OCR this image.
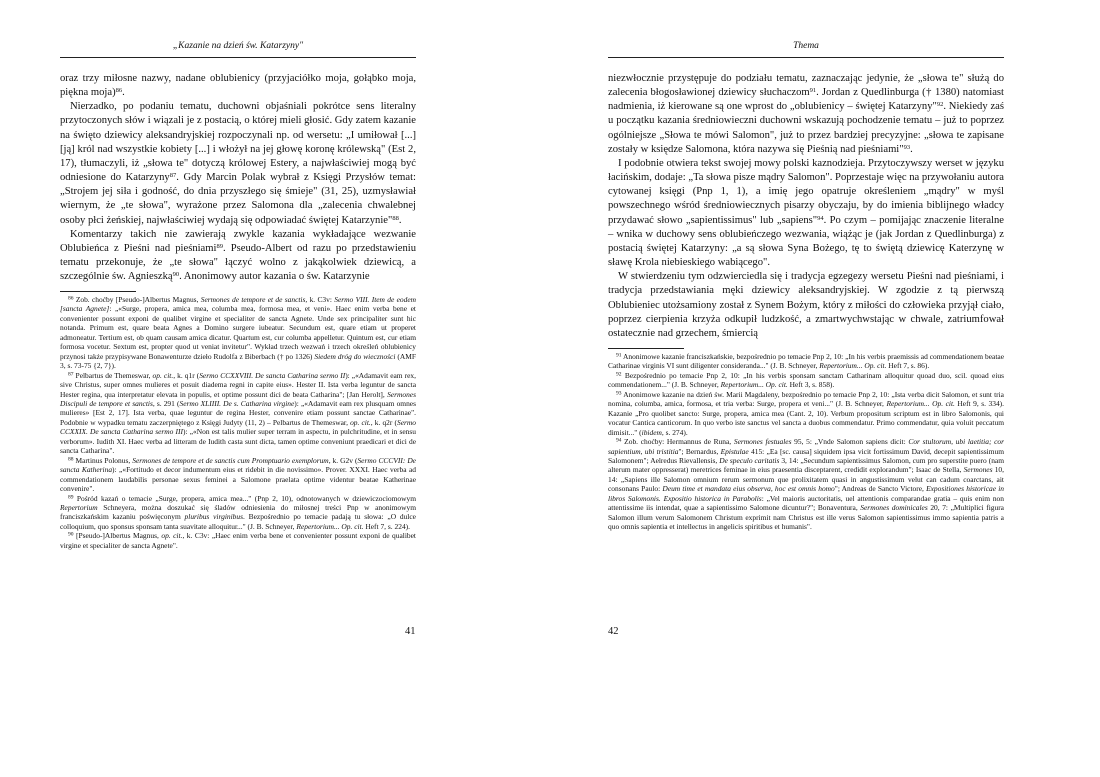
„Kazanie na dzień św. Katarzyny"

oraz trzy miłosne nazwy, nadane oblubienicy (przyjaciółko moja, gołąbko moja, piękna moja)$^{86}$.

Nierzadko, po podaniu tematu, duchowni objaśniali pokrótce sens literalny przytoczonych słów i wiązali je z postacią, o której mieli głosić. Gdy zatem kazanie na święto dziewicy aleksandryjskiej rozpoczynali np. od wersetu: „I umiłował [...] [ją] król nad wszystkie kobiety [...] i włożył na jej głowę koronę królewską" (Est 2, 17), tłumaczyli, iż „słowa te" dotyczą królowej Estery, a najwłaściwiej mogą być odniesione do Katarzyny$^{87}$. Gdy Marcin Polak wybrał z Księgi Przysłów temat: „Strojem jej siła i godność, do dnia przyszłego się śmieje" (31, 25), uzmysławiał wiernym, że „te słowa", wyrażone przez Salomona dla „zalecenia chwalebnej osoby płci żeńskiej, najwłaściwiej wydają się odpowiadać świętej Katarzynie"$^{88}$.

Komentarzy takich nie zawierają zwykle kazania wykładające wezwanie Oblubieńca z Pieśni nad pieśniami$^{89}$. Pseudo-Albert od razu po przedstawieniu tematu przekonuje, że „te słowa" łączyć wolno z jakąkolwiek dziewicą, a szczególnie św. Agnieszką$^{90}$. Anonimowy autor kazania o św. Katarzynie

$^{86}$ Zob. choćby [Pseudo-]Albertus Magnus, Sermones de tempore et de sanctis, k. C3v: Sermo VIII. Item de eodem [sancta Agnete]: „«Surge, propera, amica mea, columba mea, formosa mea, et veni». Haec enim verba bene et convenienter possunt exponi de qualibet virgine et specialiter de sancta Agnete. Unde sex principaliter sunt hic notanda. Primum est, quare beata Agnes a Domino surgere iubeatur. Secundum est, quare etiam ut properet admoneatur. Tertium est, ob quam causam amica dicatur. Quartum est, cur columba appelletur. Quintum est, cur etiam formosa vocetur. Sextum est, propter quod ut veniat invitetur". Wykład trzech wezwań i trzech określeń oblubienicy przynosi także przypisywane Bonawenturze dzieło Rudolfa z Biberbach († po 1326) Siedem dróg do wieczności (AMF 3, s. 73-75 {2, 7}).

$^{87}$ Pelbartus de Themeswar, op. cit., k. q1r (Sermo CCXXVIII. De sancta Catharina sermo II): „«Adamavit eam rex, sive Christus, super omnes mulieres et posuit diadema regni in capite eius». Hester II. Ista verba leguntur de sancta Hester regina, qua interpretatur elevata in populis, et optime possunt dici de beata Catharina"; [Jan Herolt], Sermones Discipuli de tempore et sanctis, s. 291 (Sermo XLIIII. De s. Catharina virgine): „«Adamavit eam rex plusquam omnes mulieres» [Est 2, 17]. Ista verba, quae leguntur de regina Hester, convenire etiam possunt sanctae Catharinae". Podobnie w wypadku tematu zaczerpniętego z Księgi Judyty (11, 2) – Pelbartus de Themeswar, op. cit., k. q2r (Sermo CCXXIX. De sancta Catharina sermo III): „«Non est talis mulier super terram in aspectu, in pulchritudine, et in sensu verborum». Iudith XI. Haec verba ad litteram de Iudith casta sunt dicta, tamen optime conveniunt praedicari et dici de sancta Catharina".

$^{88}$ Martinus Polonus, Sermones de tempore et de sanctis cum Promptuario exemplorum, k. G2v (Sermo CCCVII: De sancta Katherina): „«Fortitudo et decor indumentum eius et ridebit in die novissimo». Prover. XXXI. Haec verba ad commendationem laudabilis personae sexus feminei a Salomone praelata optime videntur beatae Katherinae convenire".

$^{89}$ Pośród kazań o temacie „Surge, propera, amica mea..." (Pnp 2, 10), odnotowanych w dziewiczociomowym Repertorium Schneyera, można doszukać się śladów odniesienia do miłosnej treści Pnp w anonimowym franciszkańskim kazaniu poświęconym pluribus virginibus. Bezpośrednio po temacie padają tu słowa: „O dulce colloquium, quo sponsus sponsam tanta suavitate alloquitur..." (J. B. Schneyer, Repertorium... Op. cit. Heft 7, s. 224).

$^{90}$ [Pseudo-]Albertus Magnus, op. cit., k. C3v: „Haec enim verba bene et convenienter possunt exponi de qualibet virgine et specialiter de sancta Agnete".

41
Thema

niezwłocznie przystępuje do podziału tematu, zaznaczając jedynie, że „słowa te" służą do zalecenia błogosławionej dziewicy słuchaczom$^{91}$. Jordan z Quedlinburga († 1380) natomiast nadmienia, iż kierowane są one wprost do „oblubienicy – świętej Katarzyny"$^{92}$. Niekiedy zaś u początku kazania średniowieczni duchowni wskazują pochodzenie tematu – już to poprzez ogólniejsze „Słowa te mówi Salomon", już to przez bardziej precyzyjne: „słowa te zapisane zostały w księdze Salomona, która nazywa się Pieśnią nad pieśniami"$^{93}$.

I podobnie otwiera tekst swojej mowy polski kaznodzieja. Przytoczywszy werset w języku łacińskim, dodaje: „Ta słowa pisze mądry Salomon". Poprzestaje więc na przywołaniu autora cytowanej księgi (Pnp 1, 1), a imię jego opatruje określeniem „mądry" w myśl powszechnego wśród średniowiecznych pisarzy obyczaju, by do imienia biblijnego władcy przydawać słowo „sapientissimus" lub „sapiens"$^{94}$. Po czym – pomijając znaczenie literalne – wnika w duchowy sens oblubieńczego wezwania, wiążąc je (jak Jordan z Quedlinburga) z postacią świętej Katarzyny: „a są słowa Syna Bożego, tę to świętą dziewicę Katerzynę w sławę Krola niebieskiego wabiącego".

W stwierdzeniu tym odzwierciedla się i tradycja egzegezy wersetu Pieśni nad pieśniami, i tradycja przedstawiania męki dziewicy aleksandryjskiej. W zgodzie z tą pierwszą Oblubieniec utożsamiony został z Synem Bożym, który z miłości do człowieka przyjął ciało, poprzez cierpienia krzyża odkupił ludzkość, a zmartwychwstając w chwale, zatriumfował ostatecznie nad grzechem, śmiercią

$^{91}$ Anonimowe kazanie franciszkańskie, bezpośrednio po temacie Pnp 2, 10: „In his verbis praemissis ad commendationem beatae Catharinae virginis VI sunt diligenter consideranda..." (J. B. Schneyer, Repertorium... Op. cit. Heft 7, s. 86).

$^{92}$ Bezpośrednio po temacie Pnp 2, 10: „In his verbis sponsam sanctam Catharinam alloquitur quoad duo, scil. quoad eius commendationem..." (J. B. Schneyer, Repertorium... Op. cit. Heft 3, s. 858).

$^{93}$ Anonimowe kazanie na dzień św. Marii Magdaleny, bezpośrednio po temacie Pnp 2, 10: „Ista verba dicit Salomon, et sunt tria nomina, columba, amica, formosa, et tria verba: Surge, propera et veni..." (J. B. Schneyer, Repertorium... Op. cit. Heft 9, s. 334). Kazanie „Pro quolibet sancto: Surge, propera, amica mea (Cant. 2, 10). Verbum propositum scriptum est in libro Salomonis, qui vocatur Cantica canticorum. In quo verbo iste sanctus vel sancta a duobus commendatur. Primo commendatur, quia voluit peccatum dimisit..." (ibidem, s. 274).

$^{94}$ Zob. choćby: Hermannus de Runa, Sermones festuales 95, 5: „Vnde Salomon sapiens dicit: Cor stultorum, ubi laetitia; cor sapientium, ubi tristitia"; Bernardus, Epistulae 415: „Ea [sc. causa] siquidem ipsa vicit fortissimum David, decepit sapientissimum Salomonem"; Aelredus Rievallensis, De speculo caritatis 3, 14: „Secundum sapientissimus Salomon, cum pro superstite puero (nam alterum mater oppresserat) meretrices feminae in eius praesentia disceptarent, credidit explorandum"; Isaac de Stella, Sermones 10, 14: „Sapiens ille Salomon omnium rerum sermonum que prolixitatem quasi in angustissimum velut can cadum coarctans, ait consonans Paulo: Deum time et mandata eius observa, hoc est omnis homo"; Andreas de Sancto Victore, Expositiones historicae in libros Salomonis. Expositio historica in Parabolis: „Vel maioris auctoritatis, uel attentionis comparandae gratia – quis enim non attentissime iis intendat, quae a sapientissimo Salomone dicuntur?"; Bonaventura, Sermones dominicales 20, 7: „Multiplici figura Salomon illum verum Salomonem Christum exprimit nam Christus est ille verus Salomon sapientissimus immo sapientia patris a quo omnis sapientia et intellectus in angelicis spiritibus et humanis".

42
